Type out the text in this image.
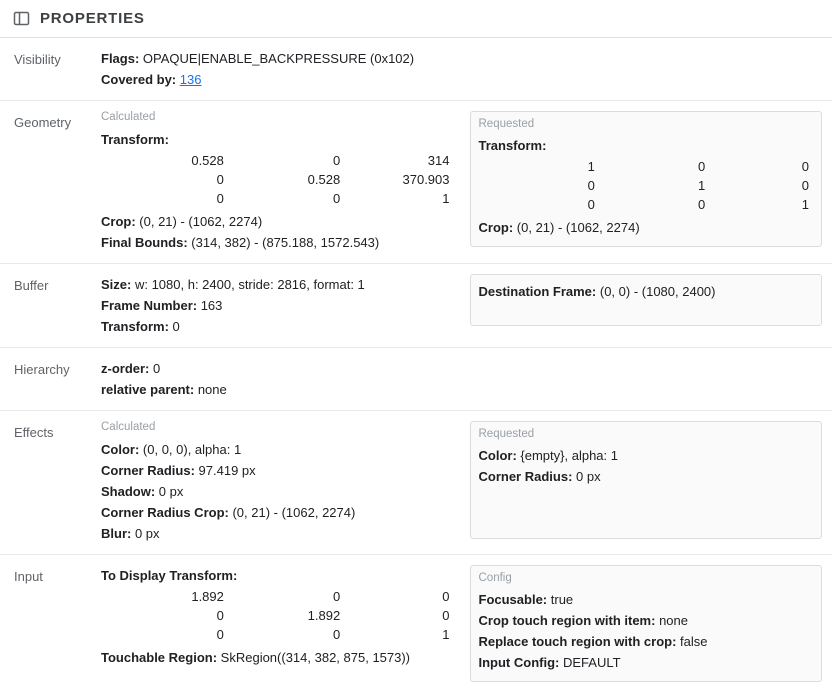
PROPERTIES
Visibility	Flags: OPAQUE|ENABLE_BACKPRESSURE (0x102)
Covered by: 136
Geometry	Calculated
Transform:
0.528	0	314
0	0.528	370.903
0	0	1
Crop: (0, 21) - (1062, 2274)
Final Bounds: (314, 382) - (875.188, 1572.543)
Requested
Transform:
1	0	0
0	1	0
0	0	1
Crop: (0, 21) - (1062, 2274)
Buffer	Size: w: 1080, h: 2400, stride: 2816, format: 1
Frame Number: 163
Transform: 0
Destination Frame: (0, 0) - (1080, 2400)
Hierarchy	z-order: 0
relative parent: none
Effects	Calculated
Color: (0, 0, 0), alpha: 1
Corner Radius: 97.419 px
Shadow: 0 px
Corner Radius Crop: (0, 21) - (1062, 2274)
Blur: 0 px
Requested
Color: {empty}, alpha: 1
Corner Radius: 0 px
Input	To Display Transform:
1.892	0	0
0	1.892	0
0	0	1
Touchable Region: SkRegion((314, 382, 875, 1573))
Config
Focusable: true
Crop touch region with item: none
Replace touch region with crop: false
Input Config: DEFAULT
